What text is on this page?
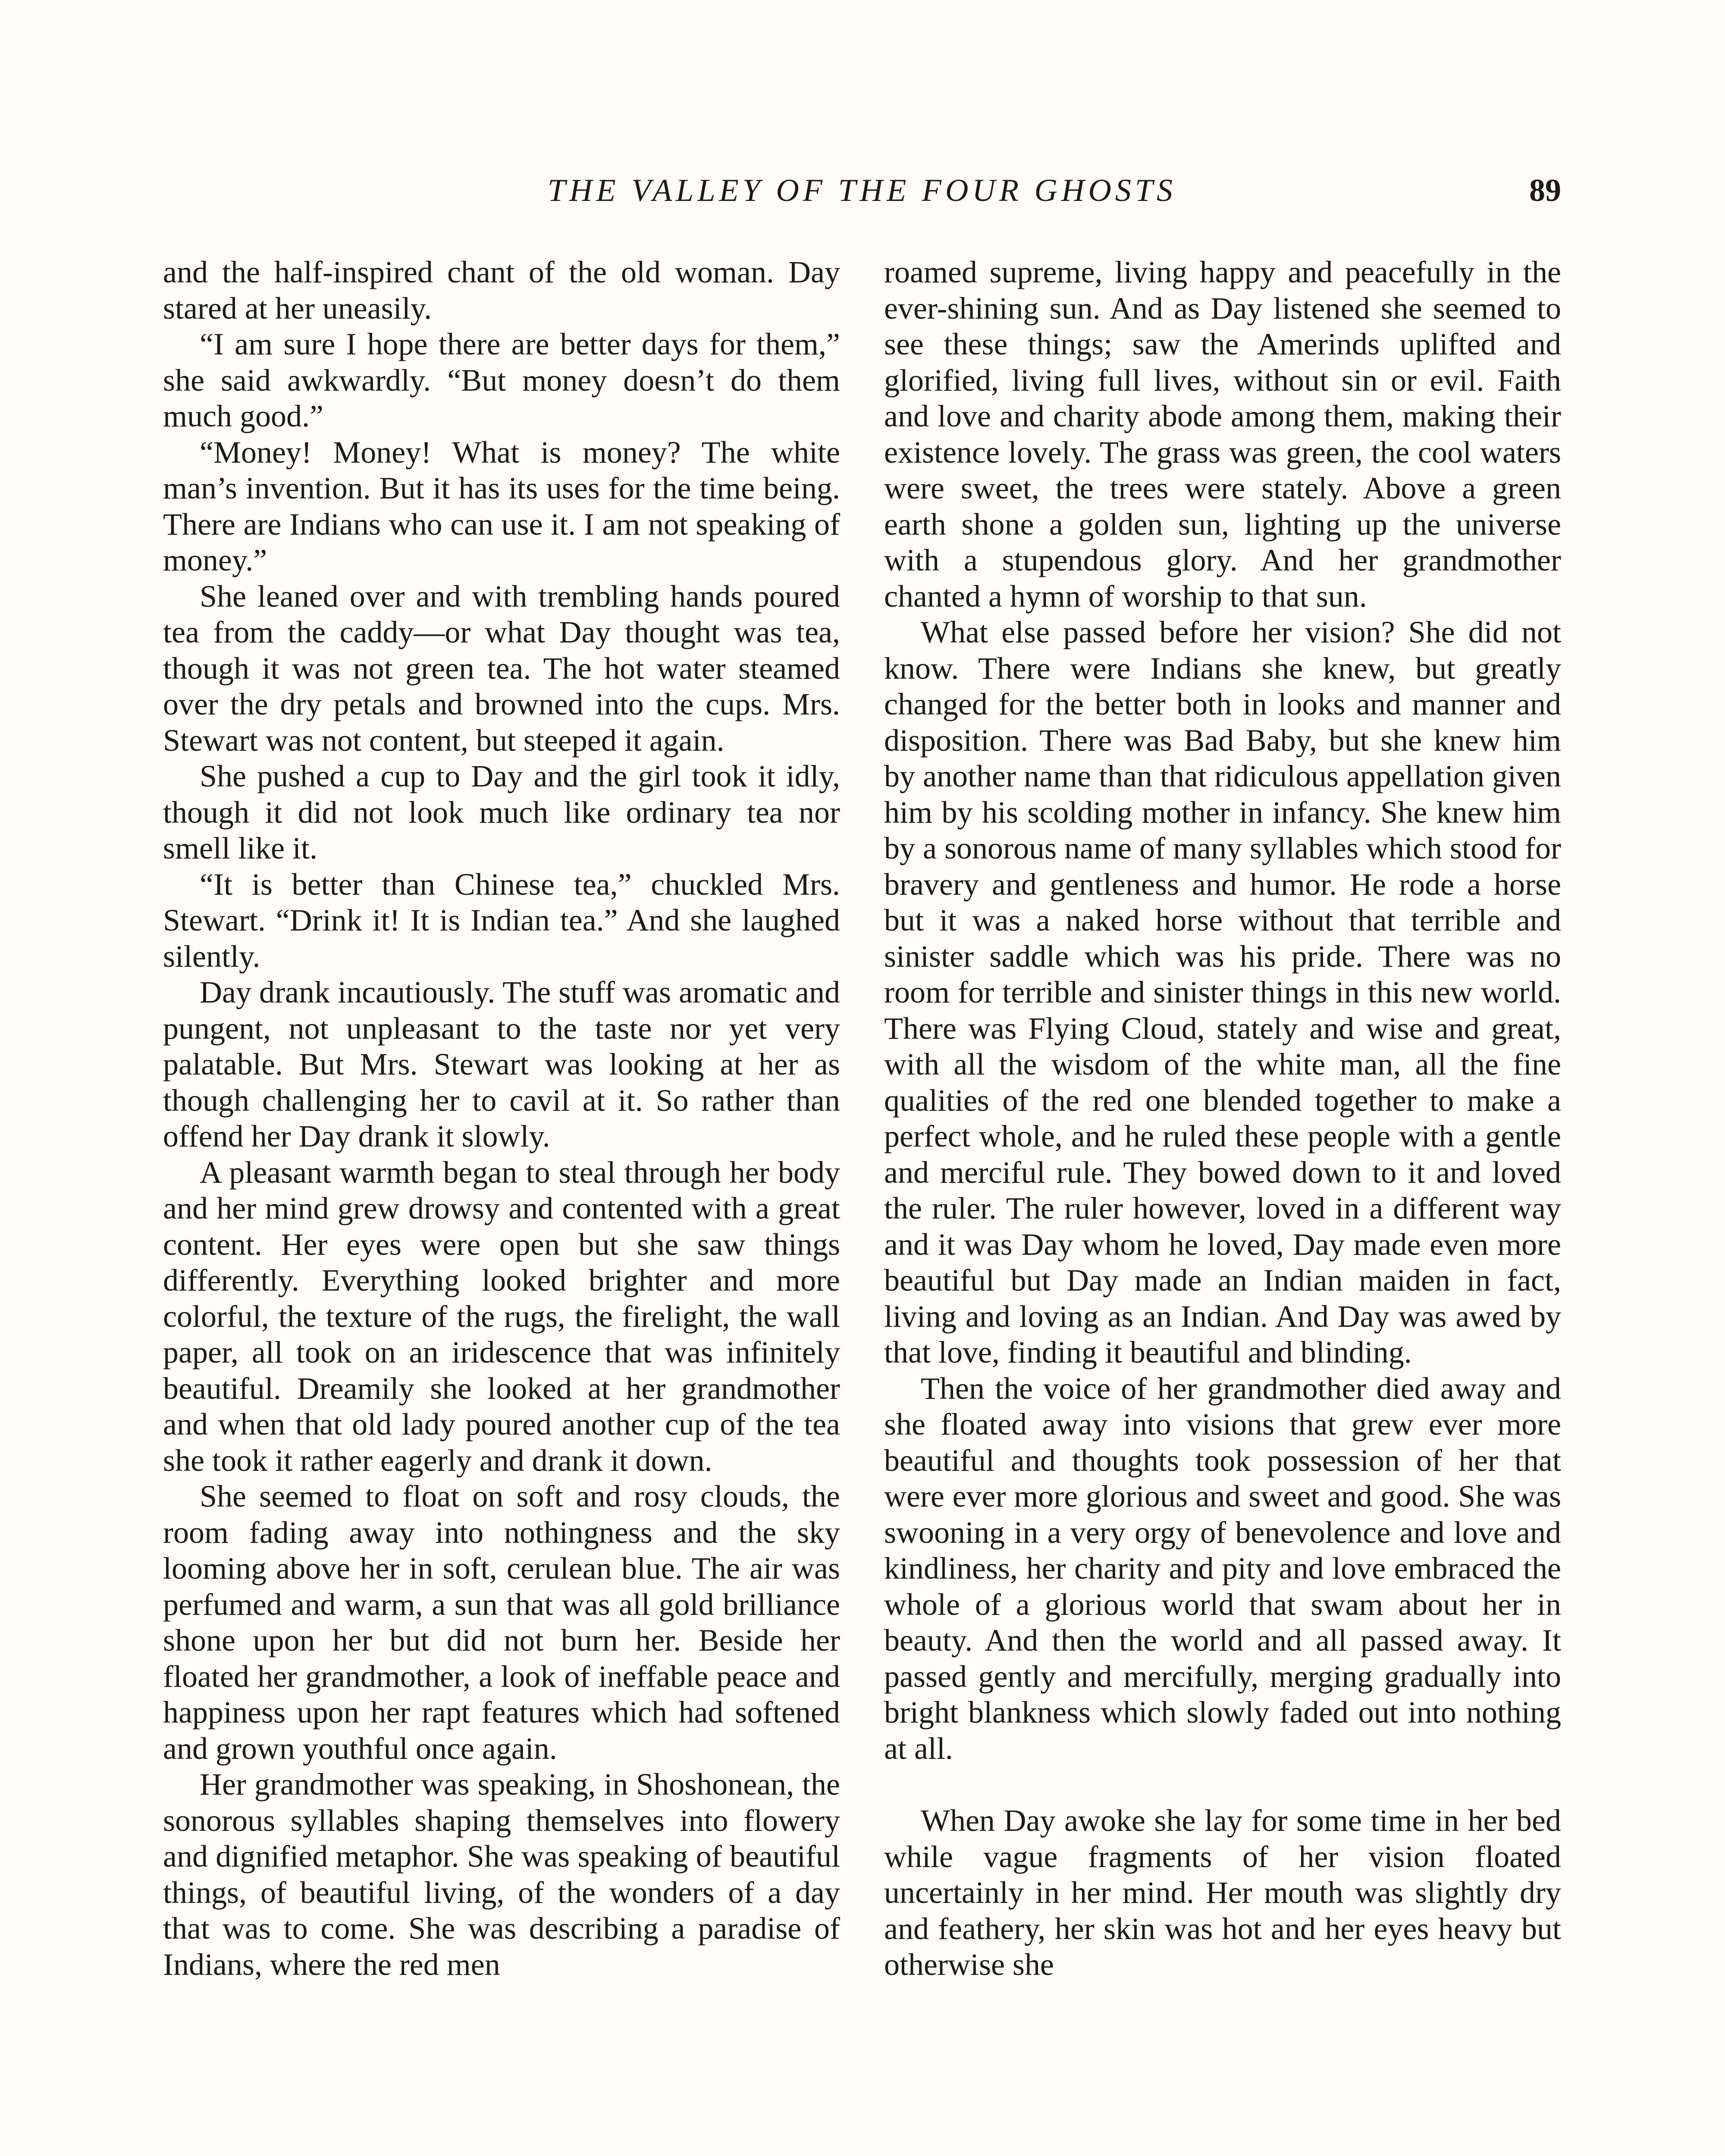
THE VALLEY OF THE FOUR GHOSTS	89

and the half-inspired chant of the old woman. Day stared at her uneasily.

“I am sure I hope there are better days for them,” she said awkwardly. “But money doesn’t do them much good.”

“Money! Money! What is money? The white man’s invention. But it has its uses for the time being. There are Indians who can use it. I am not speaking of money.”

She leaned over and with trembling hands poured tea from the caddy—or what Day thought was tea, though it was not green tea. The hot water steamed over the dry petals and browned into the cups. Mrs. Stewart was not content, but steeped it again.

She pushed a cup to Day and the girl took it idly, though it did not look much like ordinary tea nor smell like it.

“It is better than Chinese tea,” chuckled Mrs. Stewart. “Drink it! It is Indian tea.” And she laughed silently.

Day drank incautiously. The stuff was aromatic and pungent, not unpleasant to the taste nor yet very palatable. But Mrs. Stewart was looking at her as though challenging her to cavil at it. So rather than offend her Day drank it slowly.

A pleasant warmth began to steal through her body and her mind grew drowsy and contented with a great content. Her eyes were open but she saw things differently. Everything looked brighter and more colorful, the texture of the rugs, the firelight, the wall paper, all took on an iridescence that was infinitely beautiful. Dreamily she looked at her grandmother and when that old lady poured another cup of the tea she took it rather eagerly and drank it down.

She seemed to float on soft and rosy clouds, the room fading away into nothingness and the sky looming above her in soft, cerulean blue. The air was perfumed and warm, a sun that was all gold brilliance shone upon her but did not burn her. Beside her floated her grandmother, a look of ineffable peace and happiness upon her rapt features which had softened and grown youthful once again.

Her grandmother was speaking, in Shoshonean, the sonorous syllables shaping themselves into flowery and dignified metaphor. She was speaking of beautiful things, of beautiful living, of the wonders of a day that was to come. She was describing a paradise of Indians, where the red men

roamed supreme, living happy and peacefully in the ever-shining sun. And as Day listened she seemed to see these things; saw the Amerinds uplifted and glorified, living full lives, without sin or evil. Faith and love and charity abode among them, making their existence lovely. The grass was green, the cool waters were sweet, the trees were stately. Above a green earth shone a golden sun, lighting up the universe with a stupendous glory. And her grandmother chanted a hymn of worship to that sun.

What else passed before her vision? She did not know. There were Indians she knew, but greatly changed for the better both in looks and manner and disposition. There was Bad Baby, but she knew him by another name than that ridiculous appellation given him by his scolding mother in infancy. She knew him by a sonorous name of many syllables which stood for bravery and gentleness and humor. He rode a horse but it was a naked horse without that terrible and sinister saddle which was his pride. There was no room for terrible and sinister things in this new world. There was Flying Cloud, stately and wise and great, with all the wisdom of the white man, all the fine qualities of the red one blended together to make a perfect whole, and he ruled these people with a gentle and merciful rule. They bowed down to it and loved the ruler. The ruler however, loved in a different way and it was Day whom he loved, Day made even more beautiful but Day made an Indian maiden in fact, living and loving as an Indian. And Day was awed by that love, finding it beautiful and blinding.

Then the voice of her grandmother died away and she floated away into visions that grew ever more beautiful and thoughts took possession of her that were ever more glorious and sweet and good. She was swooning in a very orgy of benevolence and love and kindliness, her charity and pity and love embraced the whole of a glorious world that swam about her in beauty. And then the world and all passed away. It passed gently and mercifully, merging gradually into bright blankness which slowly faded out into nothing at all.

When Day awoke she lay for some time in her bed while vague fragments of her vision floated uncertainly in her mind. Her mouth was slightly dry and feathery, her skin was hot and her eyes heavy but otherwise she
